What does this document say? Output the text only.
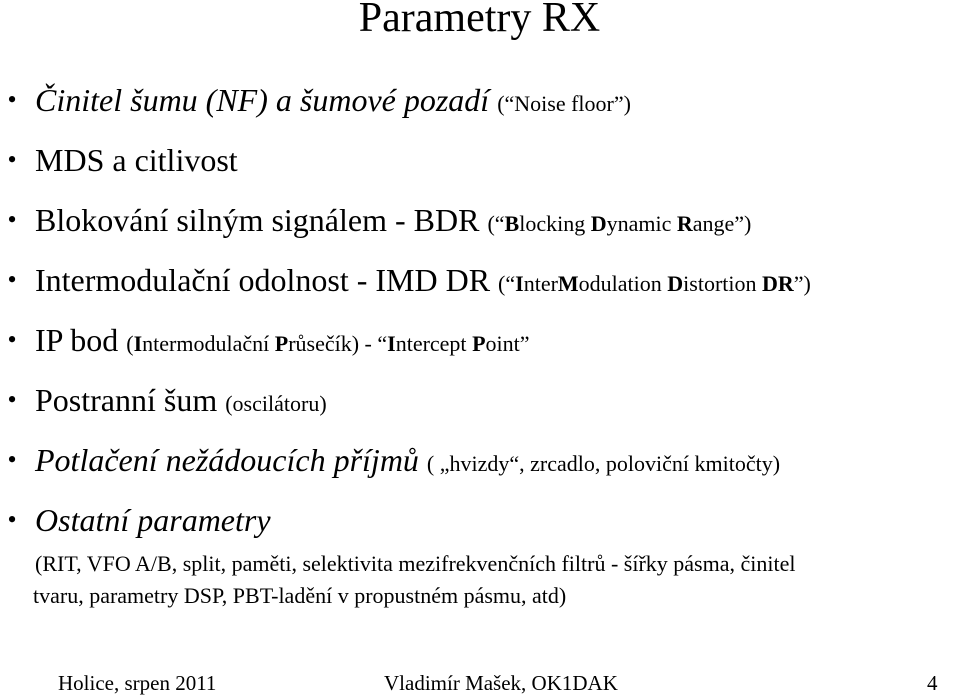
Parametry RX
• Činitel šumu (NF) a šumové pozadí (“Noise floor”)
• MDS a citlivost
• Blokování silným signálem - BDR (“Blocking Dynamic Range”)
• Intermodulační odolnost - IMD DR (“InterModulation Distortion DR”)
• IP bod (Intermodulační Průsečík) - “Intercept Point”
• Postranní šum (oscilátoru)
• Potlačení nežádoucích příjmů ( „hvizdy“, zrcadlo, poloviční kmitočty)
• Ostatní parametry
(RIT, VFO A/B, split, paměti, selektivita mezifrekvenčních filtrů - šířky pásma, činitel
tvaru, parametry DSP, PBT-ladění v propustném pásmu, atd)
Holice, srpen 2011	Vladimír Mašek, OK1DAK	4
